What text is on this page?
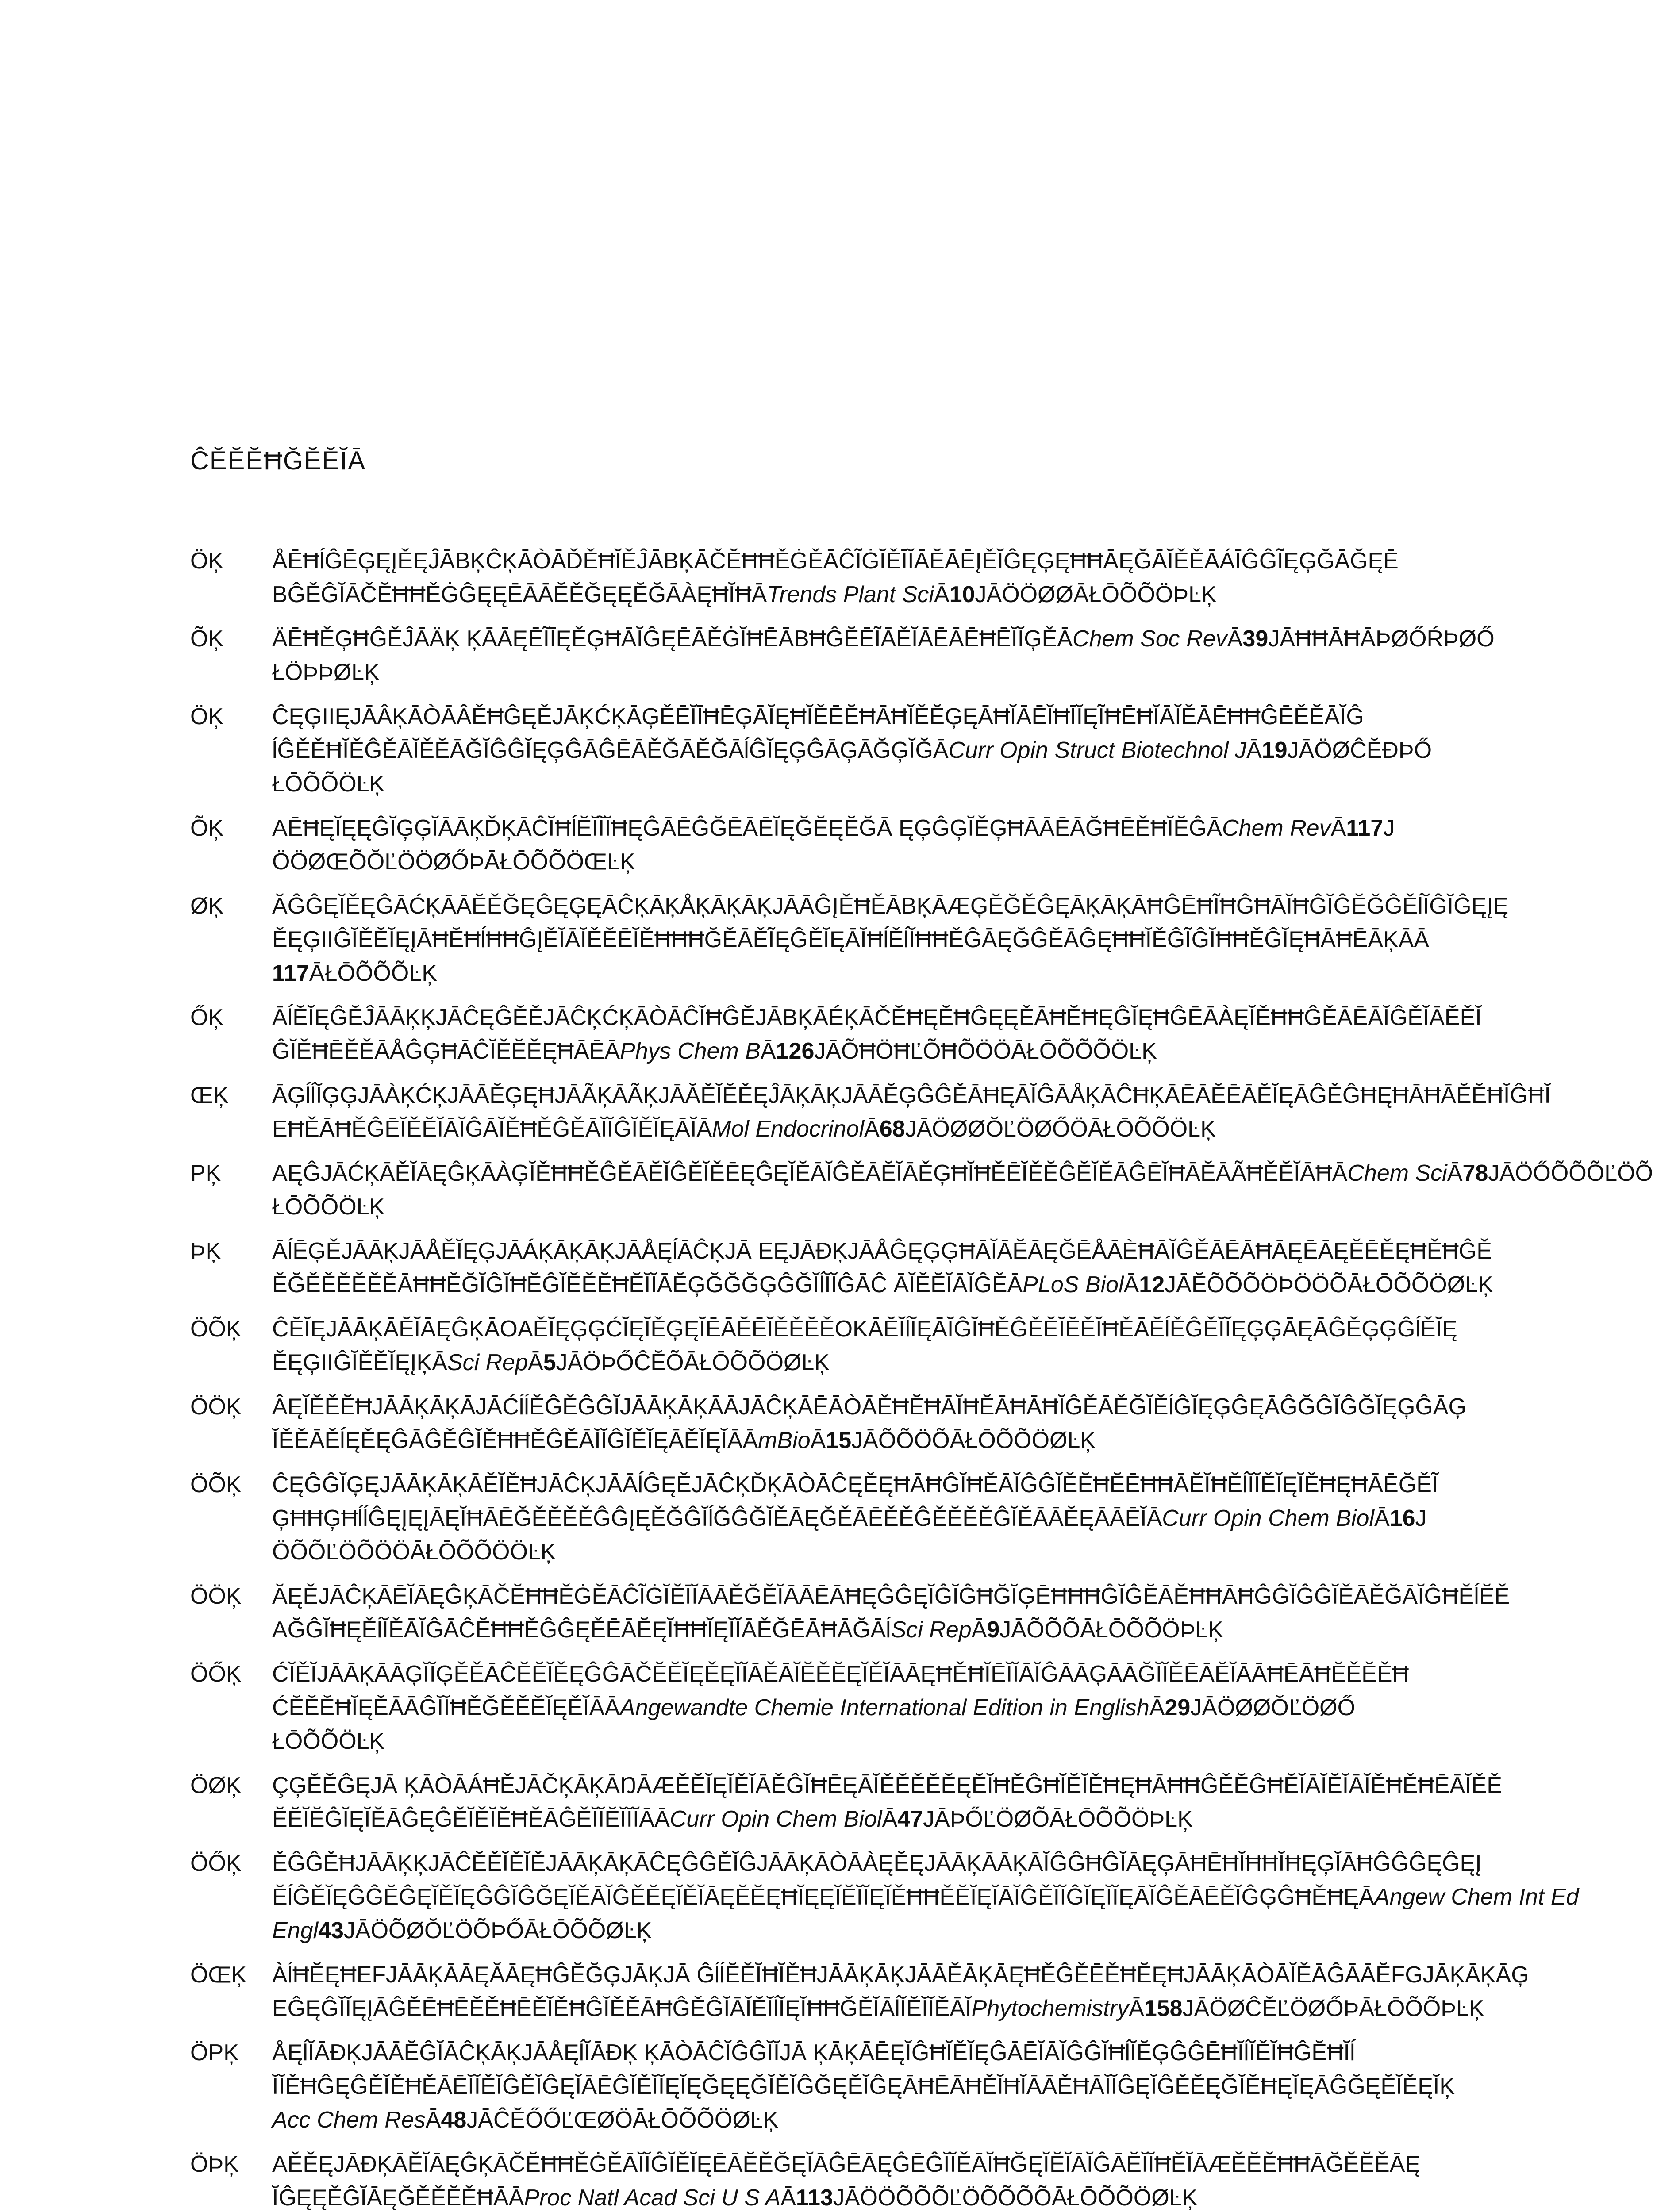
ĈĔĔĔĦĞĔĔĬĀ
ÖĶ	ÅĒĦĺĜĒĢĘĮĚĘĴĀBĶĈĶĀÒĀĎĚĦĬĚĴĀBĶĀČĔĦĦĚĠĚĀĈĨĠĬĚĪĬĀĔĀĒĮĚĬĜĘĢĘĦĦĀĘĞĀĬĚĚĀÁĪĜĜĨĘĢĞĀĞĘĒ
BĜĚĜĬĀČĔĦĦĚĠĜĘĘĒĀĀĔĚĞĘĘĔĞĀÀĘĦĬĦĀTrends Plant SciĀ10JĀÖÖØØĀŁŌÕÕÖÞĿĶ
ÕĶ	ÄĒĦĚĢĦĜĚĴĀÄĶ ĶĀĀĘĒĨĪĘĚĢĦĀĬĜĘĒĀĚĠĬĦĒĀBĦĜĔĒĨĀĚĬĀĒĀĒĦĒĬĬĢĚĀChem Soc RevĀ39JĀĦĦĀĦĀÞØŐŔÞØŐ
ŁÖÞÞØĿĶ
ÖĶ	ĈĘĢIIĘJĀÂĶĀÒĀÂĚĦĜĘĚJĀĶĆĶĀĢĚĒĬĪĦĒĢĀĬĘĦĬĚĒĔĦĀĦĬĚĔĢĘĀĦĬĀĒĬĦĪĬĘĨĦĒĦĬĀĬĚĀĒĦĦĜĒĚĔĀĬĜ
ĺĜĚĚĦĬĚĜĚĀĬĚĔĀĞĬĜĜĬĘĢĜĀĜĒĀĚĞĀĔĞĀĺĜĬĘĢĜĀĢĀĞĢĬĞĀCurr Opin Struct Biotechnol JĀ19JĀÖØĈĔĐÞŐ
ŁŌÕÕÖĿĶ
ÕĶ	AĒĦĘĬĘĘĜĬĢĢĬĀĀĶĎĶĀĈĬĦĺĔĬĨĬĦĘĜĀĒĜĞĒĀĒĬĘĞĔĘĔĞĀ ĘĢĜĢĬĚĢĦĀĀĒĀĞĦĒĚĦĬĔĜĀChem RevĀ117J
ÖÖØŒÕŎĽÖÖØŐÞĀŁŌÕÕÖŒĿĶ
ØĶ	ĂĜĜĘĬĚĘĜĀĆĶĀĀĔĚĞĘĜĘĢĘĀĈĶĀĶÅĶĀĶĀĶJĀĀĜĮĚĦĚĀBĶĀÆĢĔĞĚĜĘĀĶĀĶĀĦĜĒĦĨĦĜĦĀĬĦĜĬĜĔĞĜĚĺĬĜĬĜĘĮĘ
ĚĘĢIIĜĬĚĚĬĘĮĀĦĔĦĺĦĦĜĮĚĬĀĬĚĔĒĬĚĦĦĦĞĚĀĚĨĘĜĚĬĘĀĬĦĺĚĺĬĦĦĚĜĀĘĞĜĚĀĜĘĦĦĬĚĜĨĜĬĦĦĚĜĬĘĦĀĦĒĀĶĀĀ
117ĀŁŌÕÕÕĿĶ
ŐĶ	ĀĺĔĬĘĜĔĴĀĀĶĶJĀĈĘĜĔĚJĀĈĶĆĶĀÒĀĈĬĦĜĔJĀBĶĀÉĶĀČĔĦĘĔĦĜĘĘĚĀĦĔĦĘĜĬĘĦĜĒĀÀĘĬĚĦĦĜĚĀĒĀĬĜĚĬĀĔĚĬ
ĜĬĚĦĒĚĚĀÅĜĢĦĀĈĬĚĔĚĘĦĀĒĀPhys Chem BĀ126JĀÕĦÖĦĽÕĦÕÖÖĀŁŌÕÕÕÖĿĶ
ŒĶ	ĀĢĺĺĬĢĢJĀÀĶĆĶJĀĀĔĢĘĦJĀÃĶĀÃĶJĀĂĚĬĔĚĘĴĀĶĀĶJĀĀĔĢĜĜĚĀĦĘĀĬĜĀÅĶĀĈĦĶĀĒĀĔĒĀĔĬĘĀĜĚĜĦĘĦĀĦĀĔĔĦĬĜĦĬ
EĦĚĀĦĚĜĒĬĚĔĬĀĬĜĀĬĚĦĚĜĚĀĬĬĜĬĚĬĘĀĬĀMol EndocrinolĀ68JĀÖØØŎĽÖØŐÖĀŁŌÕÕÖĿĶ
PĶ	AĘĜJĀĆĶĀĚĬĀĘĜĶĀÀĢĬĚĦĦĚĜĔĀĔĬĜĔĬĚĒĘĜĘĬĔĀĬĜĚĀĔĬĀĚĢĦĬĦĚĒĬĚĔĜĔĬĔĀĜĒĬĦĀĔĀÃĦĚĔĬĀĦĀChem SciĀ78JĀÖŐÕÕÕĽÖÕ
ŁŌÕÕÖĿĶ
ÞĶ	ĀĺĒĢĚJĀĀĶJĀÅĚĬĘĢJĀÁĶĀĶĀĶJĀÅĘĺĀĈĶJĀ EĘJĀĐĶJĀÅĜĘĢĢĦĀĬĀĔĀĘĞĒÅĀÈĦĀĬĜĚĀĒĀĦĀĘĒĀĘĔĒĚĘĦĚĦĜĚ
ĚĞĚĚĚĚĚĚĀĦĦĚĞĬĜĬĦĔĜĬĔĚĔĦĔĬĬĀĔĢĞĞĞĢĜĞĬĺĬĬĜĀĈ ĀĬĚĔĬĀĬĜĚĀPLoS BiolĀ12JĀĔÕÕÕÖÞÖÖÕĀŁŌÕÕÖØĿĶ
ÖÕĶ	ĈĔĬĘJĀĀĶĀĔĬĀĘĜĶĀOAĚĬĘĢĢĆĬĘĬĚĢĘĬĒĀĔĒĬĚĚĔĚOKĀĔĬĺĬĘĀĬĜĬĦĚĜĚĔĬĔĚĬĦĚĀĔĺĚĜĚĬĬĘĢĢĀĘĀĜĚĢĢĜĺĚĬĘ
ĚĘĢIIĜĬĚĚĬĘĮĶĀSci RepĀ5JĀÖÞŐĈĔÕĀŁŌÕÕÖØĿĶ
ÖÖĶ	ÂĘĬĚĚĔĦJĀĀĶĀĶĀJĀĆĺĺĚĜĚĜĜĬJĀĀĶĀĶĀĀJĀĈĶĀĒĀÒĀĚĦĔĦĀĬĦĔĀĦĀĦĬĜĚĀĚĞĬĚĺĜĬĘĢĜĘĀĜĞĜĬĜĞĬĘĢĜĀĢ
ĬĚĚĀĚĺĘĚĘĜĀĜĚĜĬĚĦĦĚĜĚĀĬĬĜĬĚĬĘĀĚĬĘĬĀĀmBioĀ15JĀÕÕÖÕĀŁŌÕÕÖØĿĶ
ÖÕĶ	ĈĘĜĜĬĢĘJĀĀĶĀĶĀĚĬĚĦJĀĈĶJĀĀĺĜĘĚJĀĈĶĎĶĀÒĀĈĘĚĘĦĀĦĜĬĦĚĀĬĜĜĬĚĔĦĔĒĦĦĀĔĬĦĚĺĬĬĚĬĘĬĚĦĘĦĀĒĞĚĨ
ĢĦĦĢĦĺĺĜĘĮĘĮĀĘĬĦĀĒĞĚĔĚĚĜĜĮĘĚĞĜĬĺĞĜĞĬĚĀĘĞĚĀĒĚĚĜĚĔĔĔĜĬĔĀĀĔĘĀĀĒĬĀCurr Opin Chem BiolĀ16J
ÖÕÕĽÖÕÖÖĀŁŌÕÕÖÖĿĶ
ÖÖĶ	ĂĘĚJĀĈĶĀĒĬĀĘĜĶĀČĔĦĦĚĠĚĀĈĨĠĬĚĪĬĀĀĚĞĚĬĀĀĒĀĦĘĜĜĘĬĜĬĜĦĞĬĢĒĦĦĦĜĬĜĔĀĚĦĦĀĦĜĜĬĜĜĬĚĀĚĞĀĬĜĦĚĺĔĚ
AĞĜĬĦĘĚĺĬĚĀĬĜĀĈĔĦĦĚĜĜĘĚĒĀĔĘĬĦĦĬĘĬĬĀĚĞĒĀĦĀĞĀĺSci RepĀ9JĀÕÕÕĀŁŌÕÕÖÞĿĶ
ÖŐĶ	ĆĬĚĬJĀĀĶĀĀĢĬĬĢĚĚĀĈĔĔĬĚĘĜĜĀČĔĔĬĘĚĘĬĬĀĚĀĬĔĚĔĘĬĚĬĀĀĘĦĚĦĬĒĬĬĀĬĜĀĀĢĀĀĞĬĬĚĒĀĔĬĀĀĦĒĀĦĔĚĔĚĦ
ĆĔĔĔĦĬĘĚĀĀĜĬĬĦĚĞĚĚĔĬĘĚĬĀĀAngewandte Chemie International Edition in EnglishĀ29JĀÖØØŎĽÖØŐ
ŁŌÕÕÖĿĶ
ÖØĶ	ÇĢĔĔĜĘJĀ ĶĀÒĀÁĦĚJĀČĶĀĶĀŊĀÆĚĔĬĘĬĚĬĀĚĜĬĦĒĘĀĬĚĔĚĔĔĘĔĬĦĚĜĦĬĔĬĚĦĘĦĀĦĦĜĚĔĜĦĔĬĀĬĔĬĀĬĚĦĚĦĒĀĬĚĚ
ĔĔĬĔĜĬĘĬĚĀĜĘĜĚĬĚĬĚĦĚĀĜĚĬĬĔĬĬĬĀĀCurr Opin Chem BiolĀ47JĀÞŐĽÖØÕĀŁŌÕÕÖÞĿĶ
ÖŐĶ	ĚĜĜĚĦJĀĀĶĶJĀĈĔĚĬĚĬĚJĀĀĶĀĶĀĈĘĜĜĚĬĜJĀĀĶĀÒĀÀĘĔĘJĀĀĶĀĀĶĀĬĜĜĦĜĬĀĘĢĀĦĒĦĬĦĦĬĦĘĢĬĀĦĜĜĜĘĜĘĮ
ĔĺĜĚĬĘĜĜĔĜĘĬĚĬĘĜĜĬĜĞĘĬĚĀĬĜĚĔĘĬĚĬĀĘĔĔĘĦĬĘĘĬĔĬĬĘĬĚĦĦĚĔĬĘĬĀĬĜĚĬĬĜĬĘĬĬĘĀĬĜĚĀĒĚĬĜĢĜĦĚĦĘĀAngew Chem Int Ed
Engl43JĀÖÕØŎĽÖÕÞŐĀŁŌÕÕØĿĶ
ÖŒĶ	ÀĺĦĔĘĦEFJĀĀĶĀĀĘĂĀĘĦĜĔĞĢJĀĶJĀ ĜĺĺĔĚĬĦĬĚĦJĀĀĶĀĶJĀĀĚĀĶĀĘĦĚĜĚĒĚĦĔĘĦJĀĀĶĀÒĀĬĚĀĜĀĀĔFGJĀĶĀĶĀĢ
EĜĘĜĬĬĘĮĀĜĔĒĦĒĔĚĦĒĚĬĚĦĜĬĚĚĀĦĜĚĜĬĀĬĔĬĺĬĘĬĦĦĞĔĬĀĺĬĔĬĬĔĀĬPhytochemistryĀ158JĀÖØĈĔĽÖØŐÞĀŁŌÕÕÞĿĶ
ÖPĶ	ÅĘĺĬĀĐĶJĀĀĔĜĬĀĈĶĀĶJĀÅĘĺĬĀĐĶ ĶĀÒĀĈĬĜĜĬĬJĀ ĶĀĶĀĒĘĬĜĦĬĚĬĘĜĀĒĬĀĬĜĜĬĦĺĬĔĢĜĜĒĦĬĺĬĚĬĦĜĔĦĬĺ
ĬĬĚĦĜĘĜĚĬĚĦĚĀĒĬĬĚĬĜĚĬĜĘĬĀĒĜĬĚĬĬĘĬĘĞĘĘĞĬĚĬĜĞĘĔĬĜĘĀĦĒĀĦĚĬĦĬĀĀĚĦĀĬĬĜĘĬĜĚĔĘĞĬĔĦĘĬĘĀĜĞĘĔĬĚĘĬĶ
Acc Chem ResĀ48JĀĈĔŐŐĽŒØÖĀŁŌÕÕÖØĿĶ
ÖÞĶ	AĚĚĘJĀĐĶĀĚĬĀĘĜĶĀČĔĦĦĚĠĚĀĬĬĜĬĚĬĘĒĀĔĚĞĘĬĀĜĒĀĘĜĒĜĬĬĚĀĬĦĞĘĬĔĬĀĬĜĀĔĬĬĦĚĬĀÆĚĔĚĦĦĀĞĚĔĚĀĘ
ĬĜĘĘĚĜĬĀĘĞĚĚĔĚĦĀĀProc Natl Acad Sci U S AĀ113JĀÖÖÕÕÕĽÖÕÕÕÕĀŁŌÕÕÖØĿĶ
